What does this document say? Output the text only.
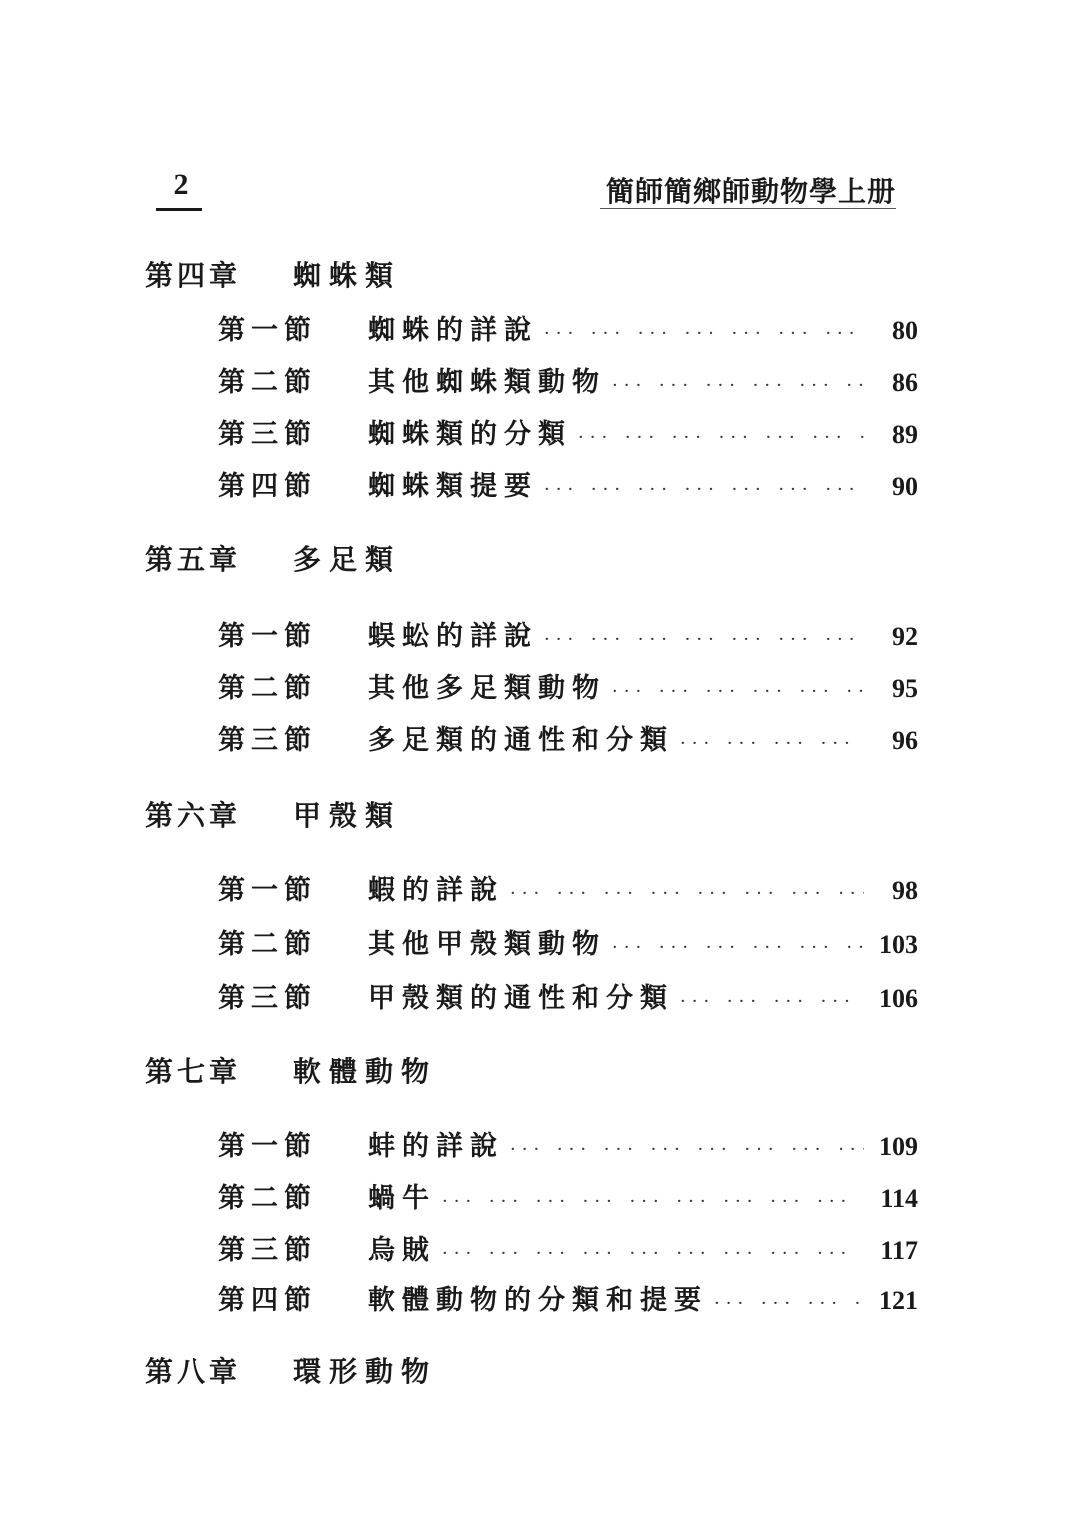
2	簡師簡鄉師動物學上册
第四章	蜘蛛類
第一節	蜘蛛的詳說 ··· ·	80
第二節	其他蜘蛛類動物 ··· ·	86
第三節	蜘蛛類的分類 ··· ·	89
第四節	蜘蛛類提要 ··· ·	90
第五章	多足類
第一節	蜈蚣的詳說 ··· ·	92
第二節	其他多足類動物 ··· ·	95
第三節	多足類的通性和分類 ··· ·	96
第六章	甲殼類
第一節	蝦的詳說 ··· ·	98
第二節	其他甲殼類動物 ··· ·	103
第三節	甲殼類的通性和分類 ··· ·	106
第七章	軟體動物
第一節	蚌的詳說 ··· ·	109
第二節	蝸牛 ··· ·	114
第三節	烏賊 ··· ·	117
第四節	軟體動物的分類和提要 ··· ·	121
第八章	環形動物
